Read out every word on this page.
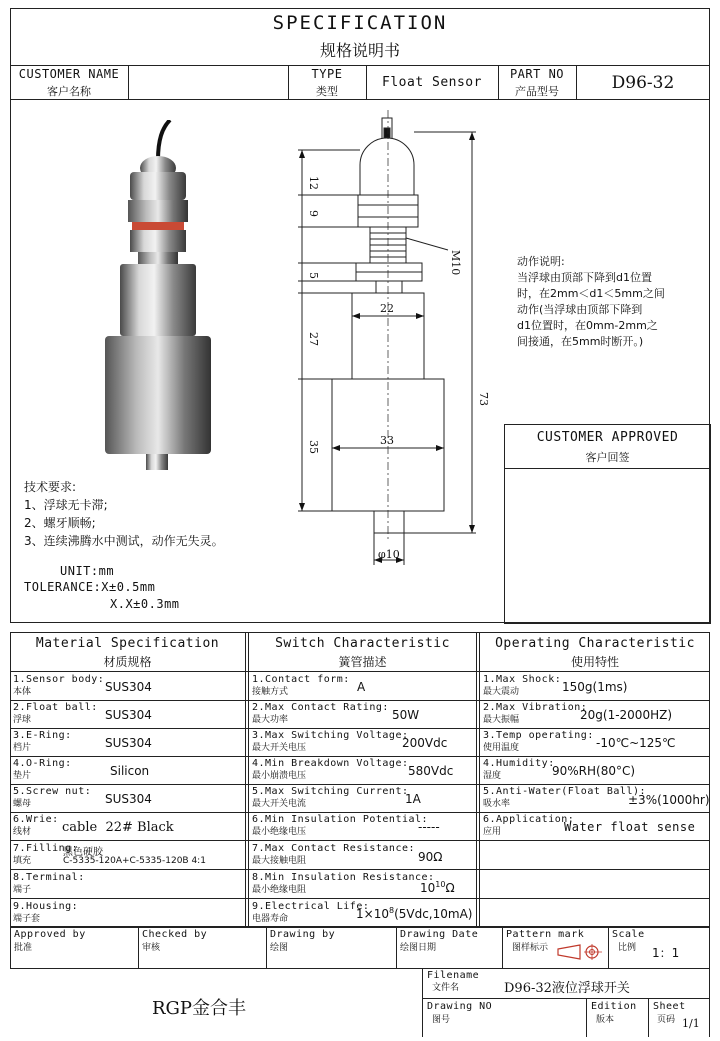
SPECIFICATION
规格说明书
CUSTOMER NAME
客户名称
TYPE
类型
Float Sensor
PART NO
产品型号	D96-32
12
9
M10
5
22
27
73
33
35
φ10
动作说明:
当浮球由顶部下降到d1位置
时，在2mm＜d1＜5mm之间
动作(当浮球由顶部下降到
d1位置时，在0mm-2mm之
间接通，在5mm时断开。)
CUSTOMER APPROVED
客户回签
技术要求:
1、浮球无卡滞;
2、螺牙顺畅;
3、连续沸腾水中测试，动作无失灵。
UNIT:mm
TOLERANCE:X±0.5mm
X.X±0.3mm
Material Specification
材质规格
Switch Characteristic
簧管描述
Operating Characteristic
使用特性
1.Sensor body:
本体	SUS304
2.Float ball:
浮球	SUS304
3.E-Ring:
档片	SUS304
4.O-Ring:
垫片	Silicon
5.Screw nut:
螺母	SUS304
6.Wrie:
线材 cable  22# Black
7.Filling:
黑色硬胶
填充	C-5335-120A+C-5335-120B 4:1
8.Terminal:
端子
9.Housing:
端子套
1.Contact form:
接触方式	A
2.Max Contact Rating:
最大功率	50W
3.Max Switching Voltage:
最大开关电压	200Vdc
4.Min Breakdown Voltage:
最小崩溃电压	580Vdc
5.Max Switching Current:
最大开关电流	1A
6.Min Insulation Potential:
最小绝缘电压	-----
7.Max Contact Resistance:
最大接触电阻	90Ω
8.Min Insulation Resistance:
最小绝缘电阻	$10^{10}\Omega$
9.Electrical Life:
电器寿命	$1\times 10^8(5Vdc,10mA)$
1.Max Shock:
最大震动	150g(1ms)
2.Max Vibration:
最大振幅	20g(1-2000HZ)
3.Temp operating:
使用温度	-10℃~125℃
4.Humidity:
湿度	90%RH(80°C)
5.Anti-Water(Float Ball):
吸水率	±3%(1000hr)
6.Application:
应用	Water float sense
Approved by
批准
Checked by
审核
Drawing by
绘图
Drawing Date
绘图日期
Pattern mark
图样标示
Scale
比例 1：1
Filename
文件名	D96-32液位浮球开关
Drawing NO
图号
Edition
版本
Sheet
页码 1/1
RGP金合丰
